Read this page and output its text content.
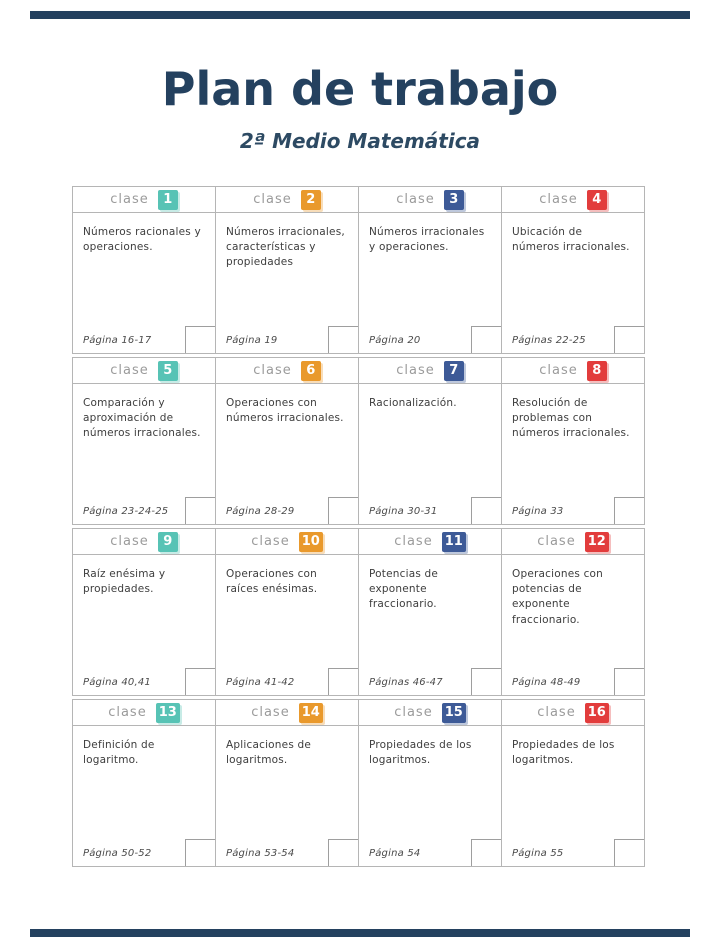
Plan de trabajo
2ª Medio Matemática
clase	1
Números racionales y operaciones.
Página 16-17
clase	2
Números irracionales, características y propiedades
Página 19
clase	3
Números irracionales y operaciones.
Página 20
clase	4
Ubicación de números irracionales.
Páginas 22-25
clase	5
Comparación y aproximación de números irracionales.
Página 23-24-25
clase	6
Operaciones con números irracionales.
Página 28-29
clase	7
Racionalización.
Página 30-31
clase	8
Resolución de problemas con números irracionales.
Página 33
clase	9
Raíz enésima y propiedades.
Página 40,41
clase 10
Operaciones con raíces enésimas.
Página 41-42
clase 11
Potencias de exponente fraccionario.
Páginas 46-47
clase 12
Operaciones con potencias de exponente fraccionario.
Página 48-49
clase 13
Definición de logaritmo.
Página 50-52
clase 14
Aplicaciones de logaritmos.
Página 53-54
clase 15
Propiedades de los logaritmos.
Página 54
clase 16
Propiedades de los logaritmos.
Página 55
